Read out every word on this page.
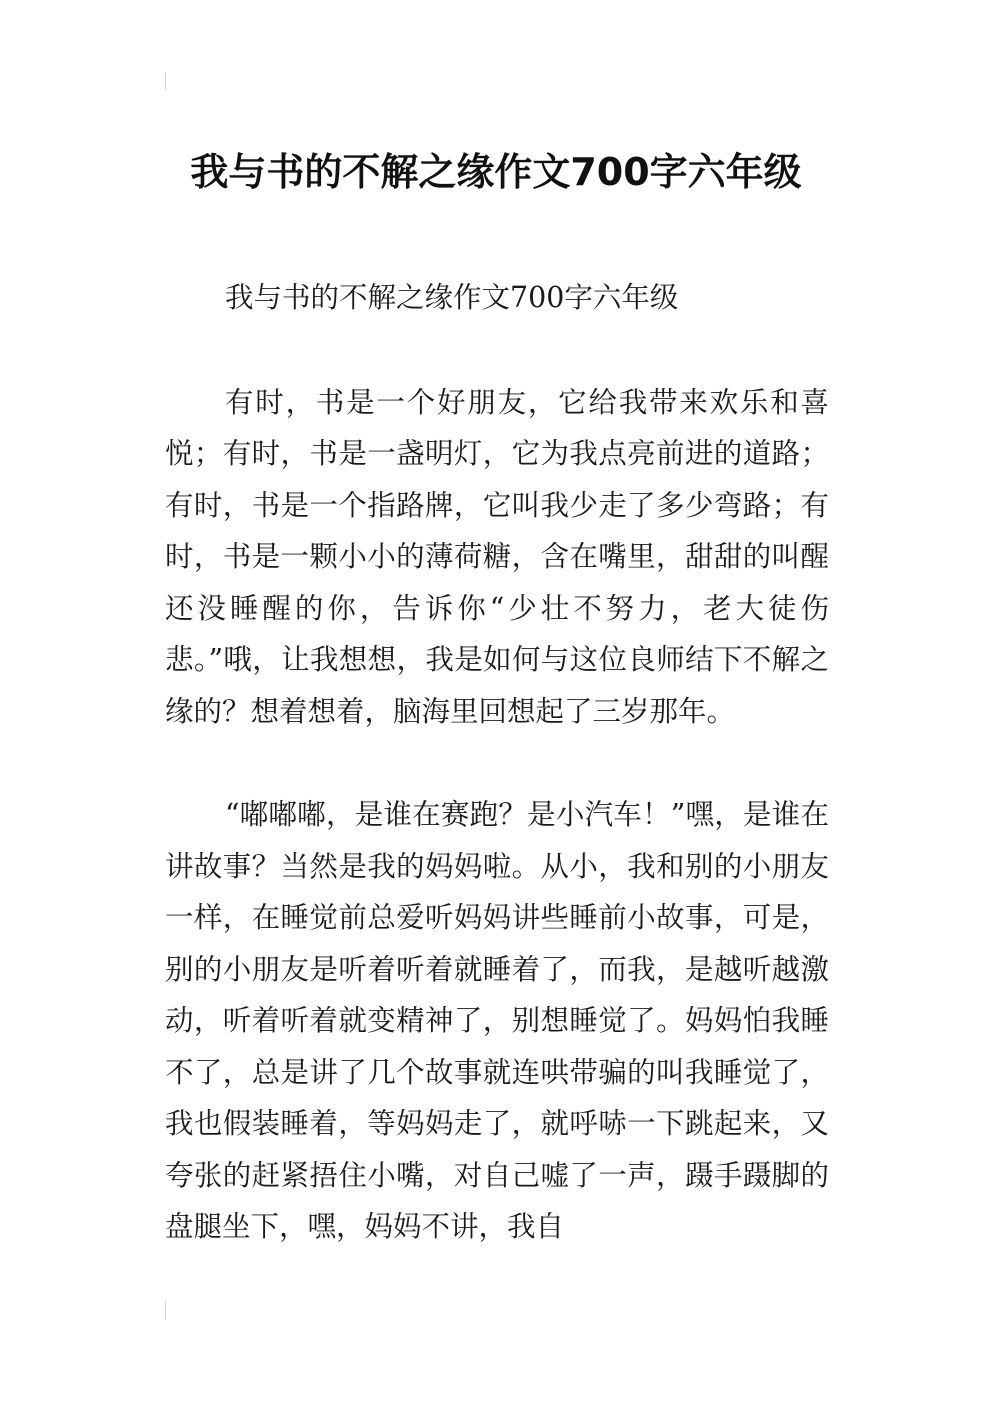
我与书的不解之缘作文700字六年级

我与书的不解之缘作文700字六年级

有时，书是一个好朋友，它给我带来欢乐和喜悦；有时，书是一盏明灯，它为我点亮前进的道路；有时，书是一个指路牌，它叫我少走了多少弯路；有时，书是一颗小小的薄荷糖，含在嘴里，甜甜的叫醒还没睡醒的你，告诉你“少壮不努力，老大徒伤悲。”哦，让我想想，我是如何与这位良师结下不解之缘的？想着想着，脑海里回想起了三岁那年。

“嘟嘟嘟，是谁在赛跑？是小汽车！”嘿，是谁在讲故事？当然是我的妈妈啦。从小，我和别的小朋友一样，在睡觉前总爱听妈妈讲些睡前小故事，可是，别的小朋友是听着听着就睡着了，而我，是越听越激动，听着听着就变精神了，别想睡觉了。妈妈怕我睡不了，总是讲了几个故事就连哄带骗的叫我睡觉了，我也假装睡着，等妈妈走了，就呼哧一下跳起来，又夸张的赶紧捂住小嘴，对自己嘘了一声，蹑手蹑脚的盘腿坐下，嘿，妈妈不讲，我自
